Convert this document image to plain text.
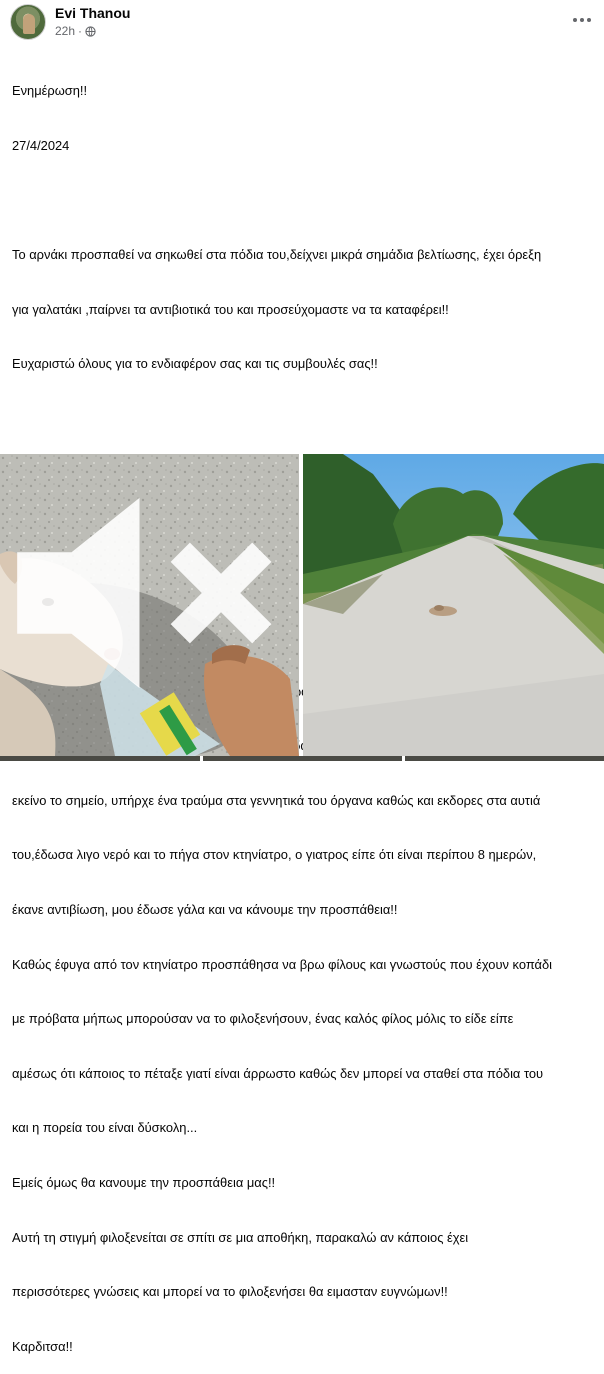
Evi Thanou
22h ·

Ενημέρωση!!

27/4/2024

Το αρνάκι προσπαθεί να σηκωθεί στα πόδια του,δείχνει μικρά σημάδια βελτίωσης, έχει όρεξη

για γαλατάκι ,παίρνει τα αντιβιοτικά του και προσεύχομαστε να τα καταφέρει!!

Ευχαριστώ όλους για το ενδιαφέρον σας και τις συμβουλές σας!!

εκείνο το σημείο, υπήρχε ένα τραύμα στα γεννητικά του όργανα καθώς και εκδορες στα αυτιά

του,έδωσα λιγο νερό και το πήγα στον κτηνίατρο, ο γιατρος είπε ότι είναι περίπου 8 ημερών,

έκανε αντιβίωση, μου έδωσε γάλα και να κάνουμε την προσπάθεια!!

Καθώς έφυγα από τον κτηνίατρο προσπάθησα να βρω φίλους και γνωστούς που έχουν κοπάδι

με πρόβατα μήπως μπορούσαν να το φιλοξενήσουν, ένας καλός φίλος μόλις το είδε είπε

αμέσως ότι κάποιος το πέταξε γιατί είναι άρρωστο καθώς δεν μπορεί να σταθεί στα πόδια του

και η πορεία του είναι δύσκολη...

Εμείς όμως θα κανουμε την προσπάθεια μας!!

Αυτή τη στιγμή φιλοξενείται σε σπίτι σε μια αποθήκη, παρακαλώ αν κάποιος έχει

περισσότερες γνώσεις και μπορεί να το φιλοξενήσει θα ειμασταν ευγνώμων!!

Καρδιτσα!!
